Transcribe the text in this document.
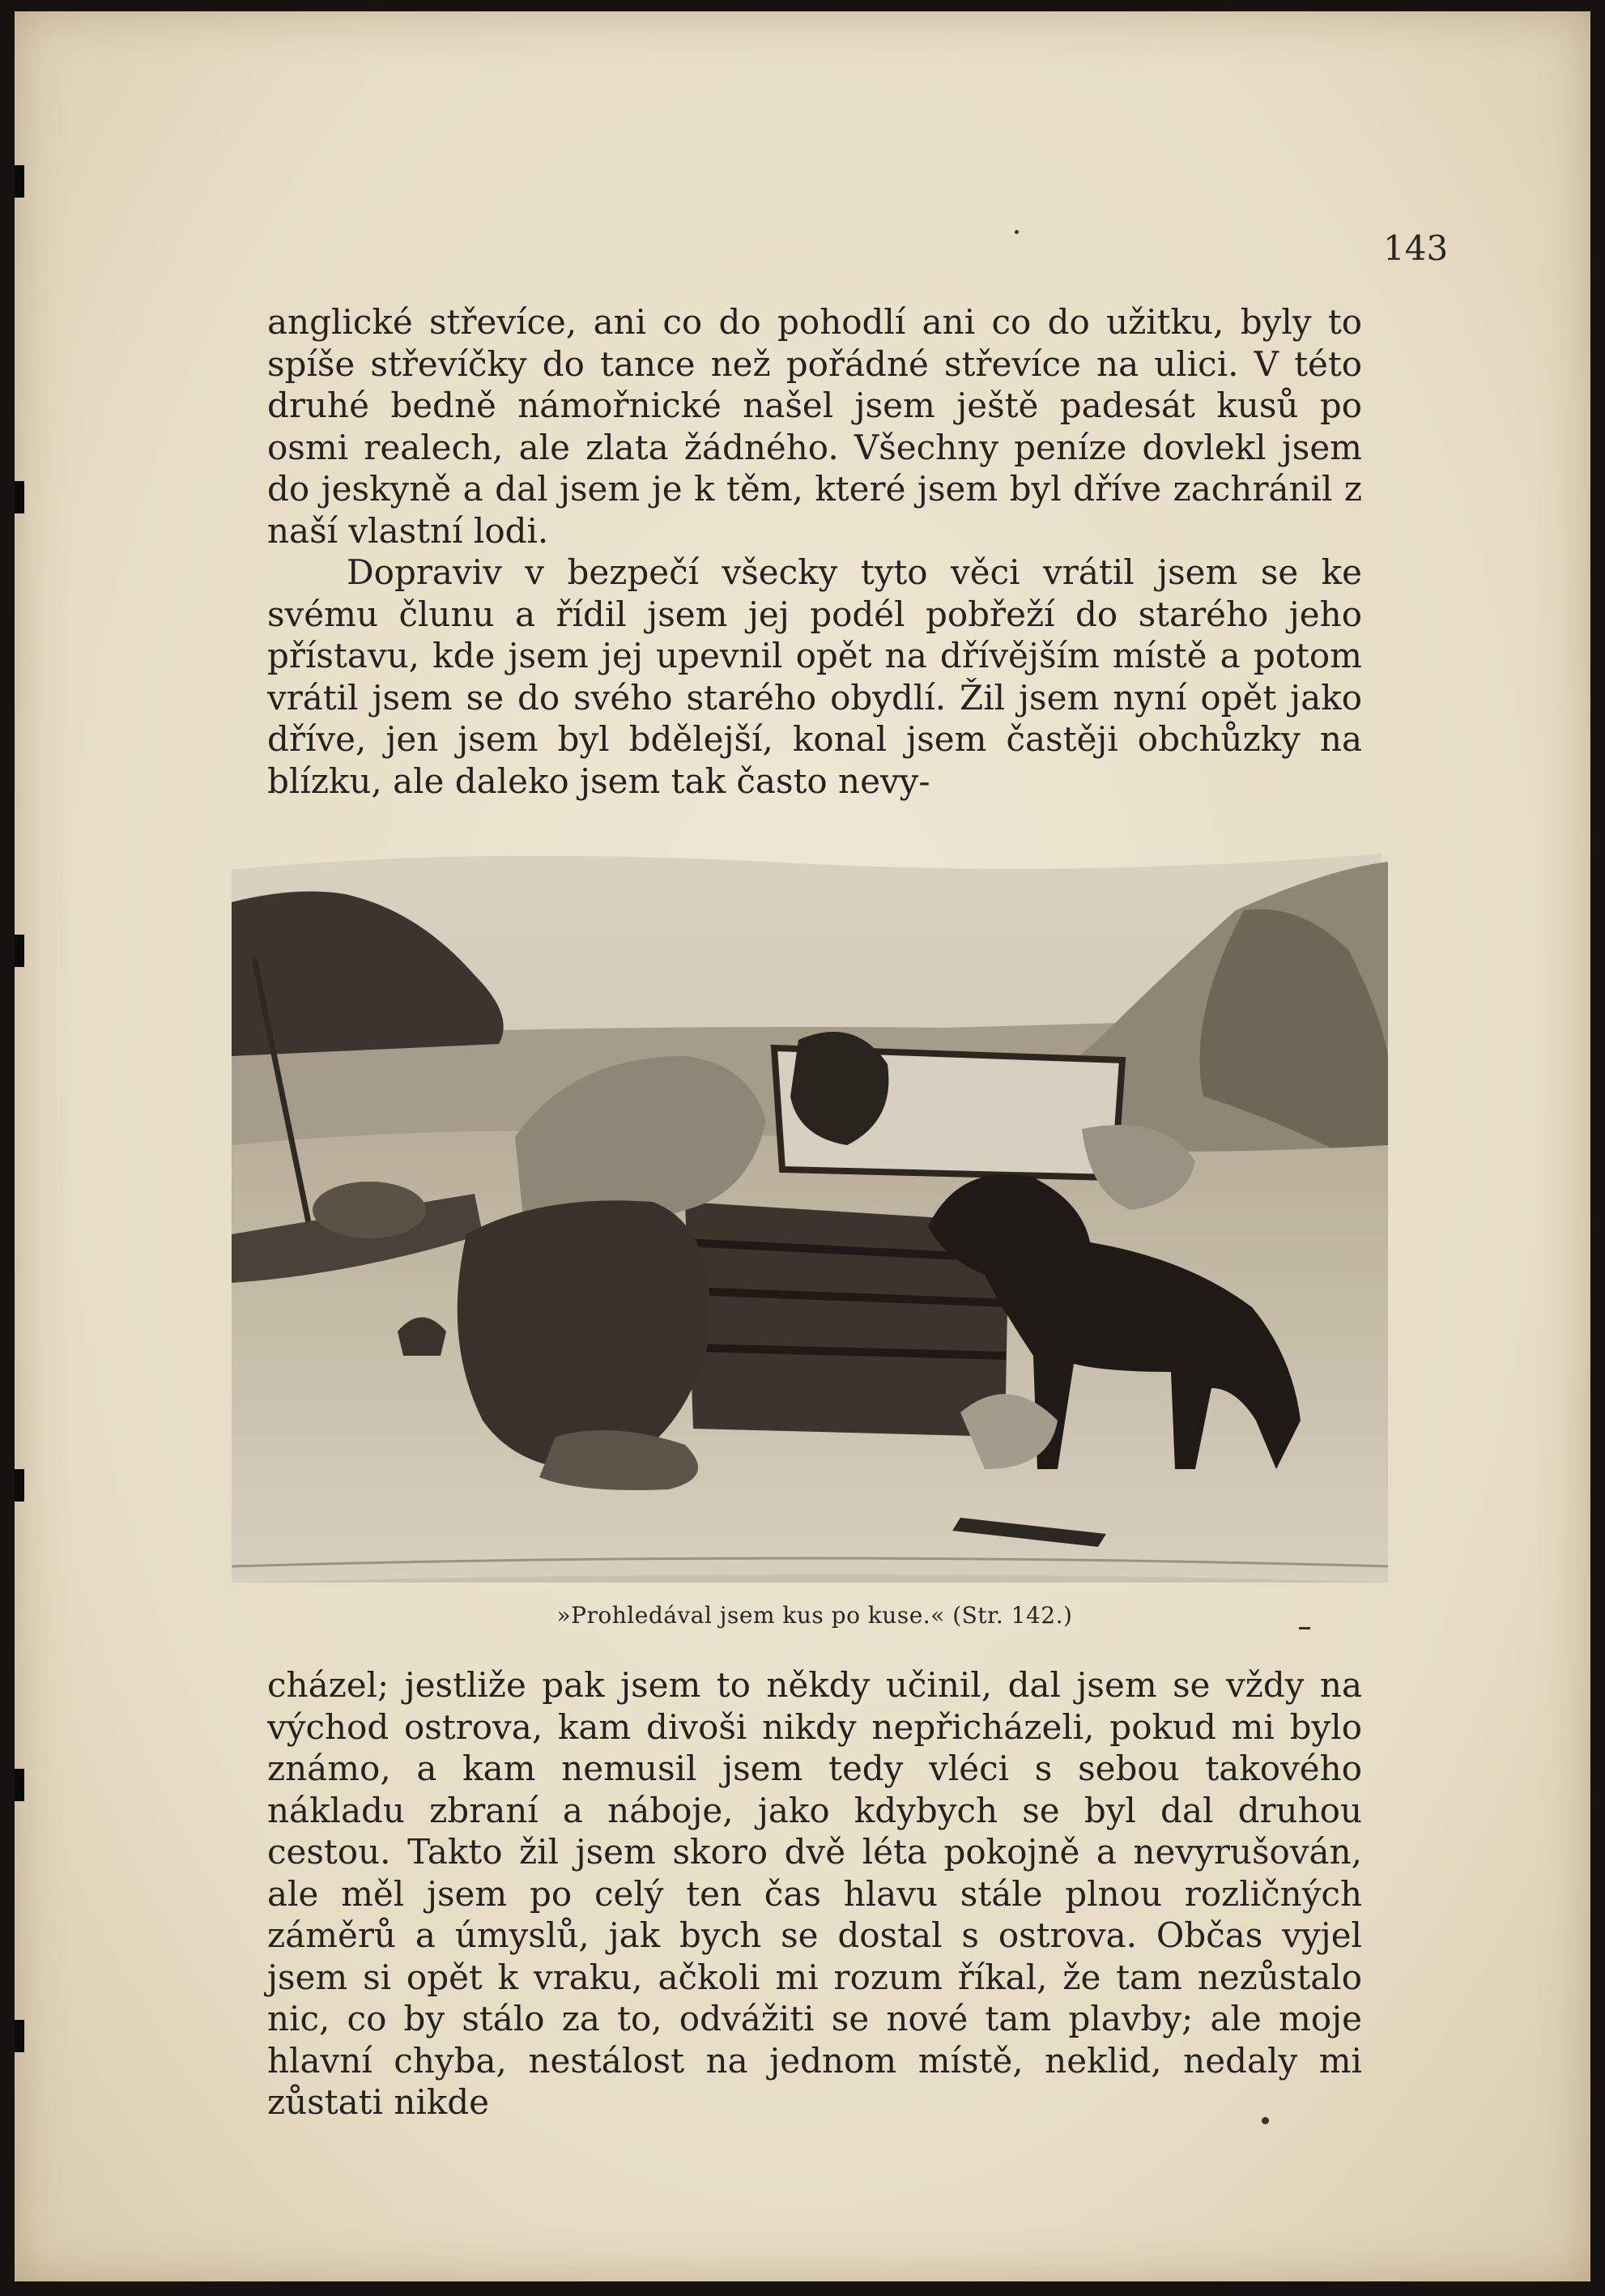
143

anglické střevíce, ani co do pohodlí ani co do užitku, byly to spíše střevíčky do tance než pořádné střevíce na ulici. V této druhé bedně námořnické našel jsem ještě padesát kusů po osmi realech, ale zlata žádného. Všechny peníze dovlekl jsem do jeskyně a dal jsem je k těm, které jsem byl dříve zachránil z naší vlastní lodi.

Dopraviv v bezpečí všecky tyto věci vrátil jsem se ke svému člunu a řídil jsem jej podél pobřeží do starého jeho přístavu, kde jsem jej upevnil opět na dřívějším místě a potom vrátil jsem se do svého starého obydlí. Žil jsem nyní opět jako dříve, jen jsem byl bdělejší, konal jsem častěji obchůzky na blízku, ale daleko jsem tak často nevy-

»Prohledával jsem kus po kuse.« (Str. 142.)

cházel; jestliže pak jsem to někdy učinil, dal jsem se vždy na východ ostrova, kam divoši nikdy nepřicházeli, pokud mi bylo známo, a kam nemusil jsem tedy vléci s sebou takového nákladu zbraní a náboje, jako kdybych se byl dal druhou cestou. Takto žil jsem skoro dvě léta pokojně a nevyrušován, ale měl jsem po celý ten čas hlavu stále plnou rozličných záměrů a úmyslů, jak bych se dostal s ostrova. Občas vyjel jsem si opět k vraku, ačkoli mi rozum říkal, že tam nezůstalo nic, co by stálo za to, odvážiti se nové tam plavby; ale moje hlavní chyba, nestálost na jednom místě, neklid, nedaly mi zůstati nikde
